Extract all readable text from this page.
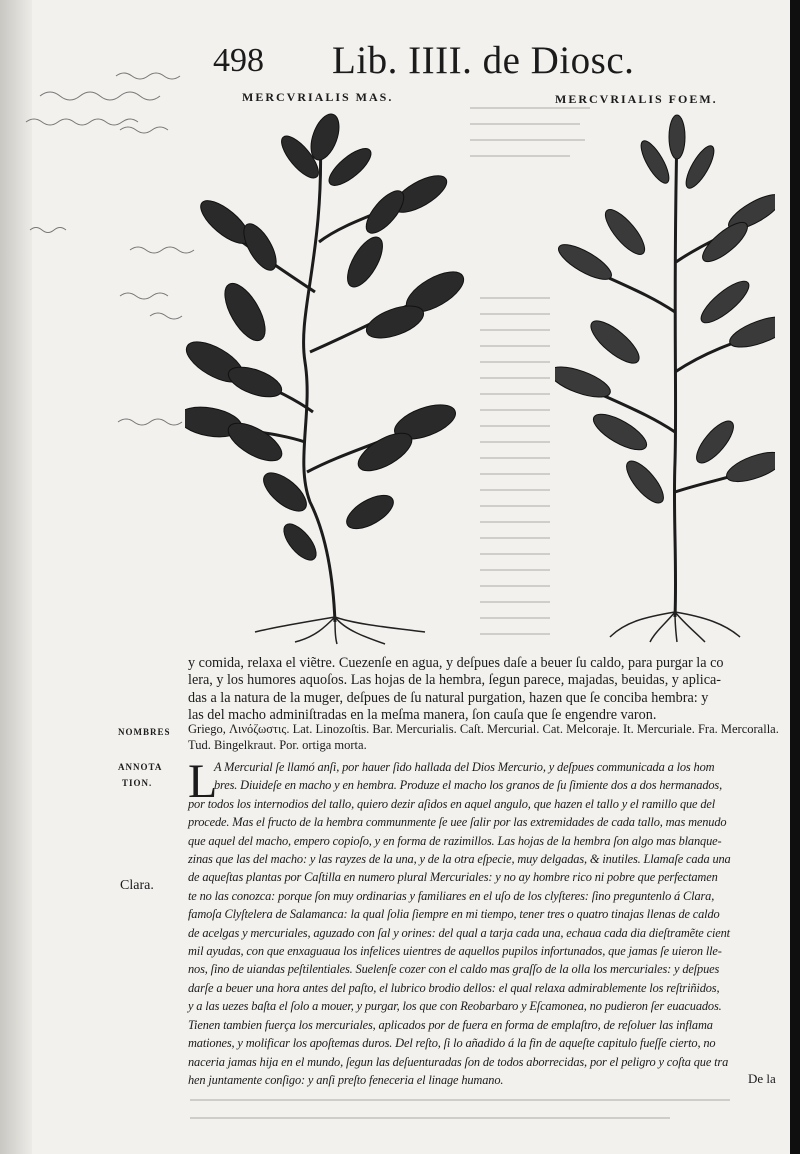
498 Lib. IIII. de Diosc.
MERCVRIALIS MAS.	MERCVRIALIS FOEM.
y comida, relaxa el viẽtre. Cuezenſe en agua, y deſpues daſe a beuer ſu caldo, para purgar la co
lera, y los humores aquoſos. Las hojas de la hembra, ſegun parece, majadas, beuidas, y aplica-
das a la natura de la muger, deſpues de ſu natural purgation, hazen que ſe conciba hembra: y
las del macho adminiſtradas en la meſma manera, ſon cauſa que ſe engendre varon.
NOMBRES
ANNOTA
TION.
Clara.
Griego, Λινόζωστις. Lat. Linozoſtis. Bar. Mercurialis. Caſt. Mercurial. Cat. Melcoraje. It. Mercuriale. Fra. Mercoralla.
Tud. Bingelkraut. Por. ortiga morta.
A Mercurial ſe llamó anſi, por hauer ſido hallada del Dios Mercurio, y deſpues communicada a los hom
bres. Diuideſe en macho y en hembra. Produze el macho los granos de ſu ſimiente dos a dos hermanados,
por todos los internodios del tallo, quiero dezir aſidos en aquel angulo, que hazen el tallo y el ramillo que del
procede. Mas el fructo de la hembra communmente ſe uee ſalir por las extremidades de cada tallo, mas menudo
que aquel del macho, empero copioſo, y en forma de razimillos. Las hojas de la hembra ſon algo mas blanque-
zinas que las del macho: y las rayzes de la una, y de la otra eſpecie, muy delgadas, & inutiles. Llamaſe cada una
de aqueſtas plantas por Caſtilla en numero plural Mercuriales: y no ay hombre rico ni pobre que perfectamen
te no las conozca: porque ſon muy ordinarias y familiares en el uſo de los clyſteres: ſino preguntenlo á Clara,
famoſa Clyſtelera de Salamanca: la qual ſolia ſiempre en mi tiempo, tener tres o quatro tinajas llenas de caldo
de acelgas y mercuriales, aguzado con ſal y orines: del qual a tarja cada una, echaua cada dia dieſtramẽte cient
mil ayudas, con que enxaguaua los infelices uientres de aquellos pupilos infortunados, que jamas ſe uieron lle-
nos, ſino de uiandas peſtilentiales. Suelenſe cozer con el caldo mas graſſo de la olla los mercuriales: y deſpues
darſe a beuer una hora antes del paſto, el lubrico brodio dellos: el qual relaxa admirablemente los reſtriñidos,
y a las uezes baſta el ſolo a mouer, y purgar, los que con Reobarbaro y Eſcamonea, no pudieron ſer euacuados.
Tienen tambien fuerça los mercuriales, aplicados por de fuera en forma de emplaſtro, de reſoluer las inflama
mationes, y molificar los apoſtemas duros. Del reſto, ſi lo añadido á la fin de aqueſte capitulo fueſſe cierto, no
naceria jamas hija en el mundo, ſegun las deſuenturadas ſon de todos aborrecidas, por el peligro y coſta que tra
hen juntamente conſigo: y anſi preſto feneceria el linage humano.
L
De la
